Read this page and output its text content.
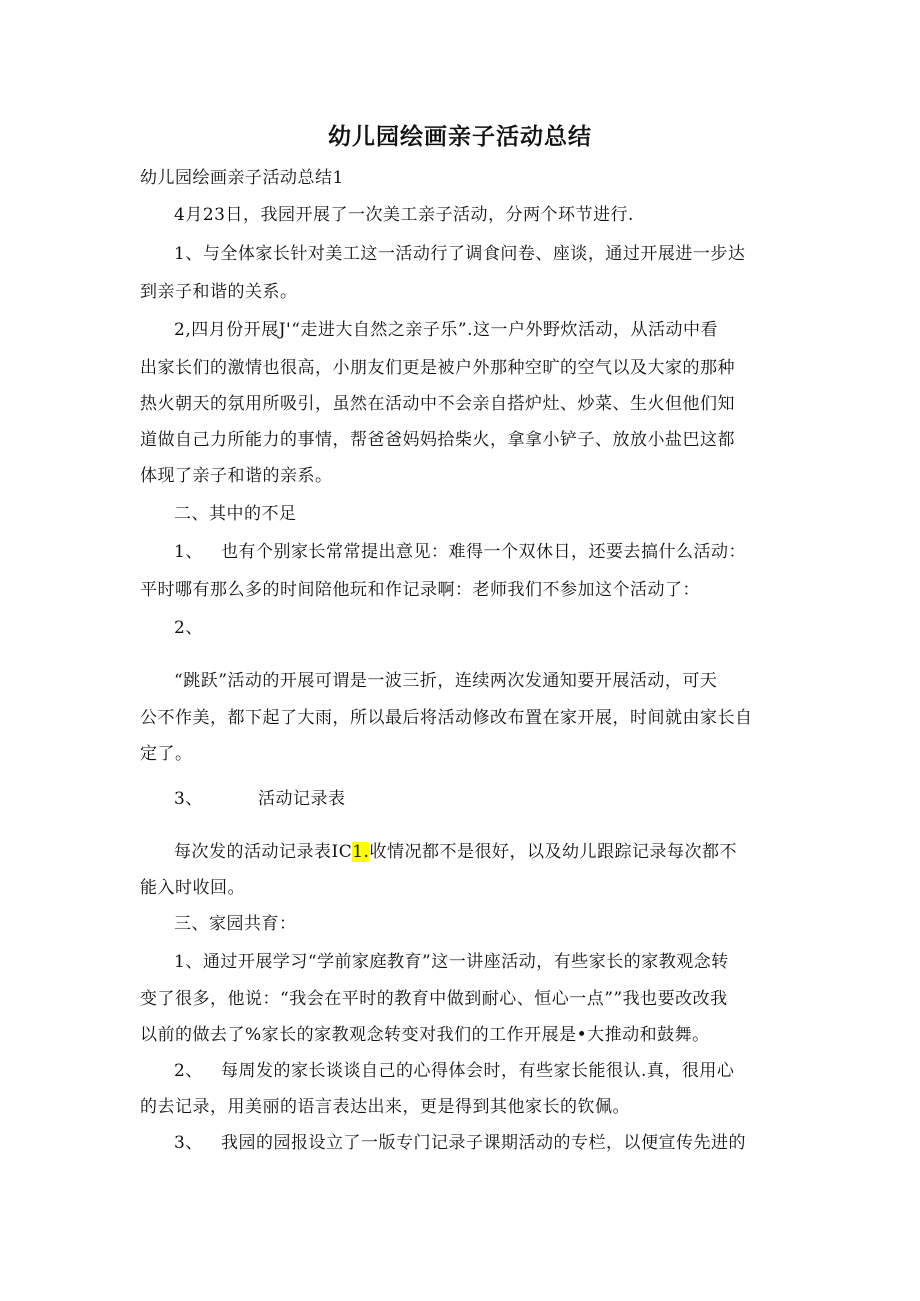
幼儿园绘画亲子活动总结
幼儿园绘画亲子活动总结1
4月23日，我园开展了一次美工亲子活动，分两个环节进行.
1、与全体家长针对美工这一活动行了调食问卷、座谈，通过开展进一步达
到亲子和谐的关系。
2,四月份开展J'“走进大自然之亲子乐”.这一户外野炊活动，从活动中看
出家长们的激情也很高，小朋友们更是被户外那种空旷的空气以及大家的那种
热火朝天的氛用所吸引，虽然在活动中不会亲自搭炉灶、炒菜、生火但他们知
道做自己力所能力的事情，帮爸爸妈妈拾柴火，拿拿小铲子、放放小盐巴这都
体现了亲子和谐的亲系。
二、其中的不足
1、 也有个别家长常常提出意见：难得一个双休日，还要去搞什么活动：
平时哪有那么多的时间陪他玩和作记录啊：老师我们不参加这个活动了：
2、
“跳跃”活动的开展可谓是一波三折，连续两次发通知要开展活动，可天
公不作美，都下起了大雨，所以最后将活动修改布置在家开展，时间就由家长自
定了。
3、	活动记录表
每次发的活动记录表IC1.收情况都不是很好，以及幼儿跟踪记录每次都不
能入时收回。
三、家园共育：
1、通过开展学习“学前家庭教育”这一讲座活动，有些家长的家教观念转
变了很多，他说：“我会在平时的教育中做到耐心、恒心一点””我也要改改我
以前的做去了%家长的家教观念转变对我们的工作开展是•大推动和鼓舞。
2、 每周发的家长谈谈自己的心得体会时，有些家长能很认.真，很用心
的去记录，用美丽的语言表达出来，更是得到其他家长的钦佩。
3、 我园的园报设立了一版专门记录子课期活动的专栏，以便宣传先进的
